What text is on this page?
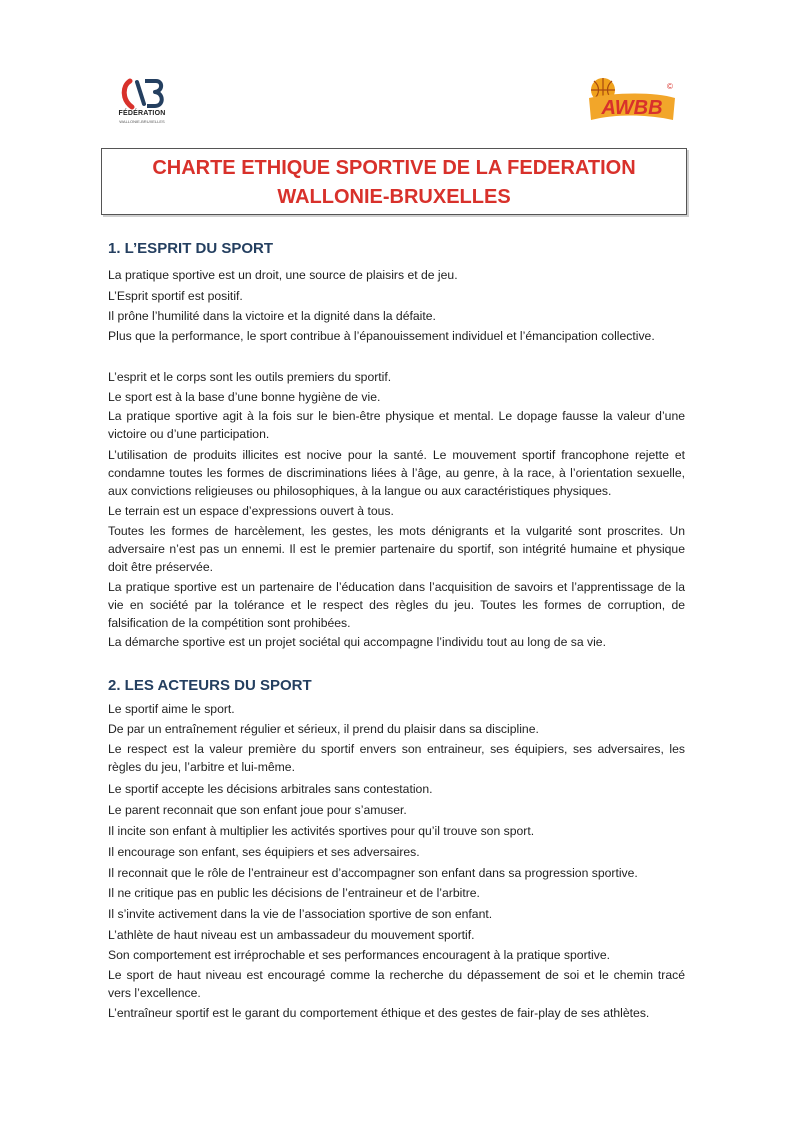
FÉDÉRATION
WALLONIE-BRUXELLES
AWBB
©
CHARTE ETHIQUE SPORTIVE DE LA FEDERATION
WALLONIE-BRUXELLES
1. L’ESPRIT DU SPORT
La pratique sportive est un droit, une source de plaisirs et de jeu.
L’Esprit sportif est positif.
Il prône l’humilité dans la victoire et la dignité dans la défaite.
Plus que la performance, le sport contribue à l’épanouissement individuel et l’émancipation collective.
L’esprit et le corps sont les outils premiers du sportif.
Le sport est à la base d’une bonne hygiène de vie.
La pratique sportive agit à la fois sur le bien-être physique et mental. Le dopage fausse la valeur d’une victoire ou d’une participation.
L’utilisation de produits illicites est nocive pour la santé. Le mouvement sportif francophone rejette et condamne toutes les formes de discriminations liées à l’âge, au genre, à la race, à l’orientation sexuelle, aux convictions religieuses ou philosophiques, à la langue ou aux caractéristiques physiques.
Le terrain est un espace d’expressions ouvert à tous.
Toutes les formes de harcèlement, les gestes, les mots dénigrants et la vulgarité sont proscrites. Un adversaire n’est pas un ennemi. Il est le premier partenaire du sportif, son intégrité humaine et physique doit être préservée.
La pratique sportive est un partenaire de l’éducation dans l’acquisition de savoirs et l’apprentissage de la vie en société par la tolérance et le respect des règles du jeu. Toutes les formes de corruption, de falsification de la compétition sont prohibées.
La démarche sportive est un projet sociétal qui accompagne l’individu tout au long de sa vie.
2. LES ACTEURS DU SPORT
Le sportif aime le sport.
De par un entraînement régulier et sérieux, il prend du plaisir dans sa discipline.
Le respect est la valeur première du sportif envers son entraineur, ses équipiers, ses adversaires, les règles du jeu, l’arbitre et lui-même.
Le sportif accepte les décisions arbitrales sans contestation.
Le parent reconnait que son enfant joue pour s’amuser.
Il incite son enfant à multiplier les activités sportives pour qu’il trouve son sport.
Il encourage son enfant, ses équipiers et ses adversaires.
Il reconnait que le rôle de l’entraineur est d’accompagner son enfant dans sa progression sportive.
Il ne critique pas en public les décisions de l’entraineur et de l’arbitre.
Il s’invite activement dans la vie de l’association sportive de son enfant.
L’athlète de haut niveau est un ambassadeur du mouvement sportif.
Son comportement est irréprochable et ses performances encouragent à la pratique sportive.
Le sport de haut niveau est encouragé comme la recherche du dépassement de soi et le chemin tracé vers l’excellence.
L’entraîneur sportif est le garant du comportement éthique et des gestes de fair-play de ses athlètes.
